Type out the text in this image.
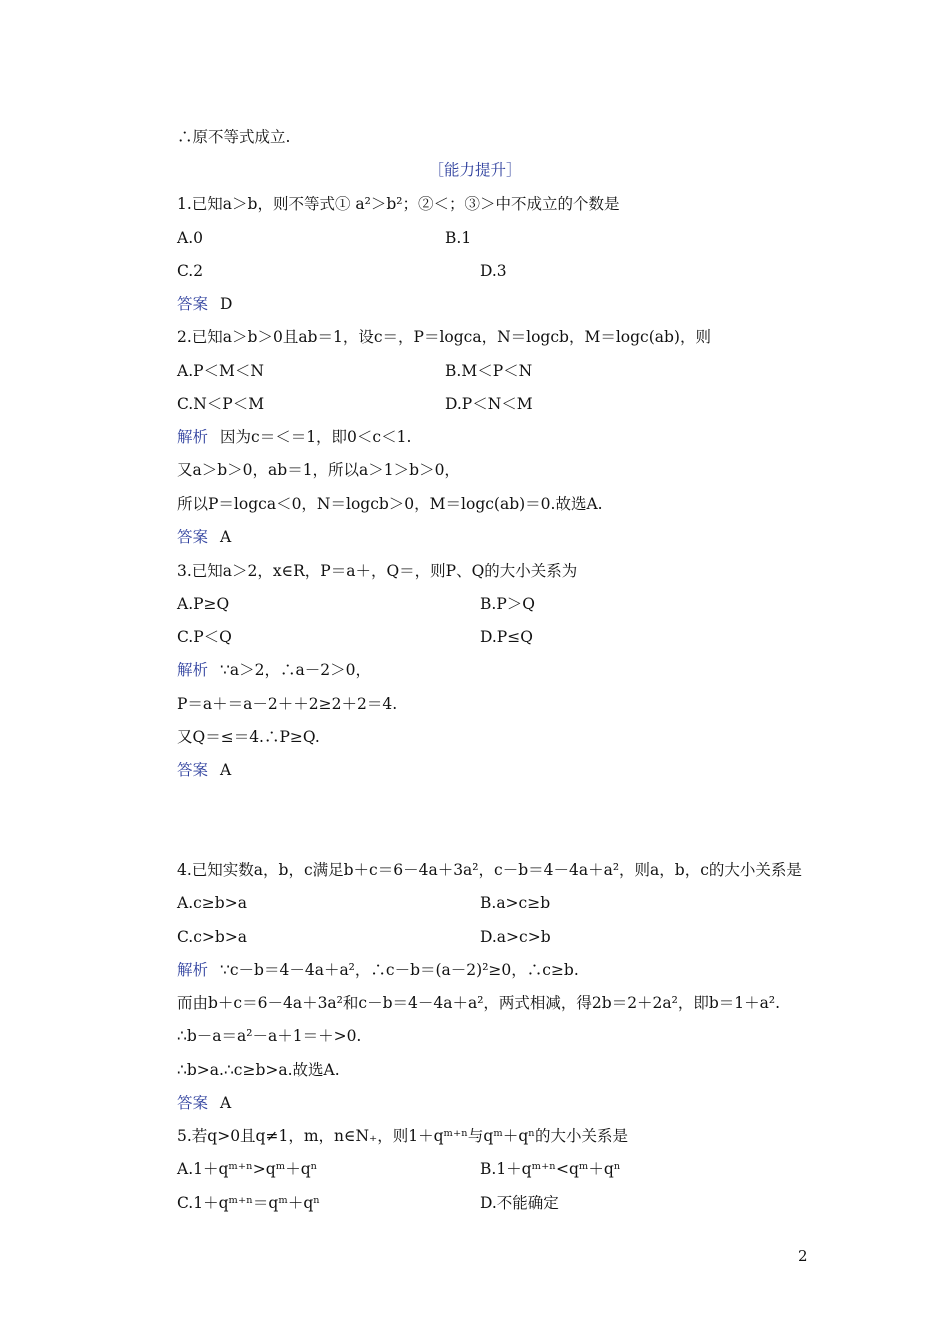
∴原不等式成立.
［能力提升］
1.已知a＞b，则不等式① a²＞b²；②＜；③＞中不成立的个数是
A.0	B.1
C.2	D.3
答案 D
2.已知a＞b＞0且ab＝1，设c＝，P＝logca，N＝logcb，M＝logc(ab)，则
A.P＜M＜N	B.M＜P＜N
C.N＜P＜M	D.P＜N＜M
解析 因为c＝＜＝1，即0＜c＜1.
又a＞b＞0，ab＝1，所以a＞1＞b＞0，
所以P＝logca＜0，N＝logcb＞0，M＝logc(ab)＝0.故选A.
答案 A
3.已知a＞2，x∈R，P＝a＋，Q＝，则P、Q的大小关系为
A.P≥Q	B.P＞Q
C.P＜Q	D.P≤Q
解析 ∵a＞2，∴a－2＞0，
P＝a＋＝a－2＋＋2≥2＋2＝4.
又Q＝≤＝4.∴P≥Q.
答案 A
4.已知实数a，b，c满足b＋c＝6－4a＋3a²，c－b＝4－4a＋a²，则a，b，c的大小关系是
A.c≥b>a	B.a>c≥b
C.c>b>a	D.a>c>b
解析 ∵c－b＝4－4a＋a²，∴c－b＝(a－2)²≥0，∴c≥b.
而由b＋c＝6－4a＋3a²和c－b＝4－4a＋a²，两式相减，得2b＝2＋2a²，即b＝1＋a².
∴b－a＝a²－a＋1＝＋>0.
∴b>a.∴c≥b>a.故选A.
答案 A
5.若q>0且q≠1，m，n∈N₊，则1＋qᵐ⁺ⁿ与qᵐ＋qⁿ的大小关系是
A.1＋qᵐ⁺ⁿ>qᵐ＋qⁿ	B.1＋qᵐ⁺ⁿ<qᵐ＋qⁿ
C.1＋qᵐ⁺ⁿ＝qᵐ＋qⁿ	D.不能确定
2
